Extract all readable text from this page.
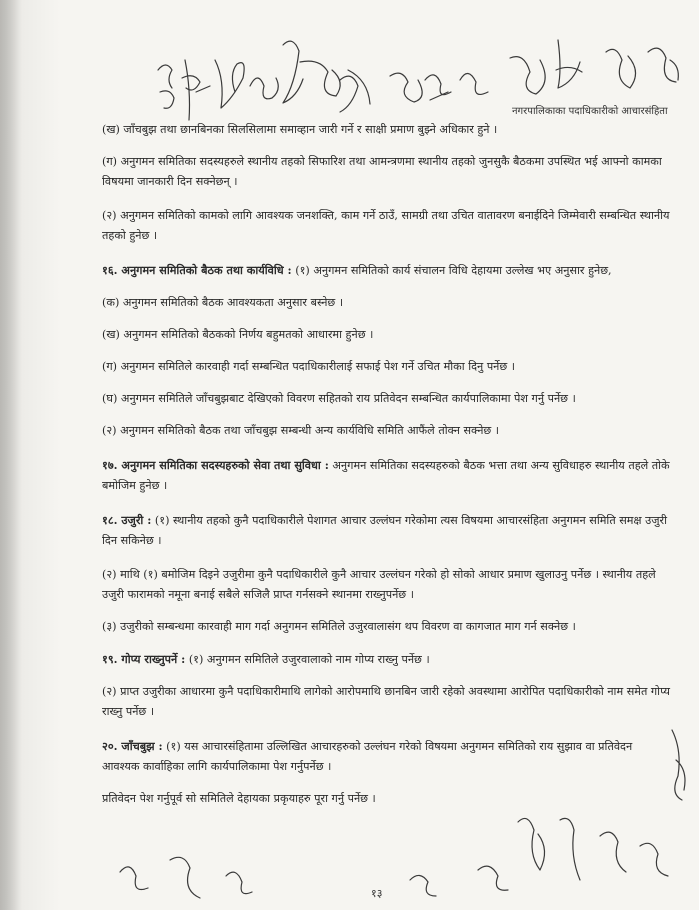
नगरपालिकाका पदाधिकारीको आचारसंहिता

(ख) जाँचबुझ तथा छानबिनका सिलसिलामा समाव्हान जारी गर्ने र साक्षी प्रमाण बुझ्ने अधिकार हुने ।

(ग) अनुगमन समितिका सदस्यहरुले स्थानीय तहको सिफारिश तथा आमन्त्रणमा स्थानीय तहको जुनसुकै बैठकमा उपस्थित भई आफ्नो कामका विषयमा जानकारी दिन सक्नेछन् ।

(२) अनुगमन समितिको कामको लागि आवश्यक जनशक्ति, काम गर्ने ठाउँ, सामग्री तथा उचित वातावरण बनाईदिने जिम्मेवारी सम्बन्धित स्थानीय तहको हुनेछ ।

१६. अनुगमन समितिको बैठक तथा कार्यविधि : (१) अनुगमन समितिको कार्य संचालन विधि देहायमा उल्लेख भए अनुसार हुनेछ,

(क) अनुगमन समितिको बैठक आवश्यकता अनुसार बस्नेछ ।

(ख) अनुगमन समितिको बैठकको निर्णय बहुमतको आधारमा हुनेछ ।

(ग) अनुगमन समितिले कारवाही गर्दा सम्बन्धित पदाधिकारीलाई सफाई पेश गर्ने उचित मौका दिनु पर्नेछ ।

(घ) अनुगमन समितिले जाँचबुझबाट देखिएको विवरण सहितको राय प्रतिवेदन सम्बन्धित कार्यपालिकामा पेश गर्नु पर्नेछ ।

(२) अनुगमन समितिको बैठक तथा जाँचबुझ सम्बन्धी अन्य कार्यविधि समिति आफैंले तोक्न सक्नेछ ।

१७. अनुगमन समितिका सदस्यहरुको सेवा तथा सुविधा : अनुगमन समितिका सदस्यहरुको बैठक भत्ता तथा अन्य सुविधाहरु स्थानीय तहले तोके बमोजिम हुनेछ ।

१८. उजुरी : (१) स्थानीय तहको कुनै पदाधिकारीले पेशागत आचार उल्लंघन गरेकोमा त्यस विषयमा आचारसंहिता अनुगमन समिति समक्ष उजुरी दिन सकिनेछ ।

(२) माथि (१) बमोजिम दिइने उजुरीमा कुनै पदाधिकारीले कुनै आचार उल्लंघन गरेको हो सोको आधार प्रमाण खुलाउनु पर्नेछ । स्थानीय तहले उजुरी फारामको नमूना बनाई सबैले सजिलै प्राप्त गर्नसक्ने स्थानमा राख्नुपर्नेछ ।

(३) उजुरीको सम्बन्धमा कारवाही माग गर्दा अनुगमन समितिले उजुरवालासंग थप विवरण वा कागजात माग गर्न सक्नेछ ।

१९. गोप्य राख्नुपर्ने : (१) अनुगमन समितिले उजुरवालाको नाम गोप्य राख्नु पर्नेछ ।

(२) प्राप्त उजुरीका आधारमा कुनै पदाधिकारीमाथि लागेको आरोपमाथि छानबिन जारी रहेको अवस्थामा आरोपित पदाधिकारीको नाम समेत गोप्य राख्नु पर्नेछ ।

२०. जाँचबुझ : (१) यस आचारसंहितामा उल्लिखित आचारहरुको उल्लंघन गरेको विषयमा अनुगमन समितिको राय सुझाव वा प्रतिवेदन आवश्यक कार्वाहिका लागि कार्यपालिकामा पेश गर्नुपर्नेछ ।

प्रतिवेदन पेश गर्नुपूर्व सो समितिले देहायका प्रकृयाहरु पूरा गर्नु पर्नेछ ।

१३
